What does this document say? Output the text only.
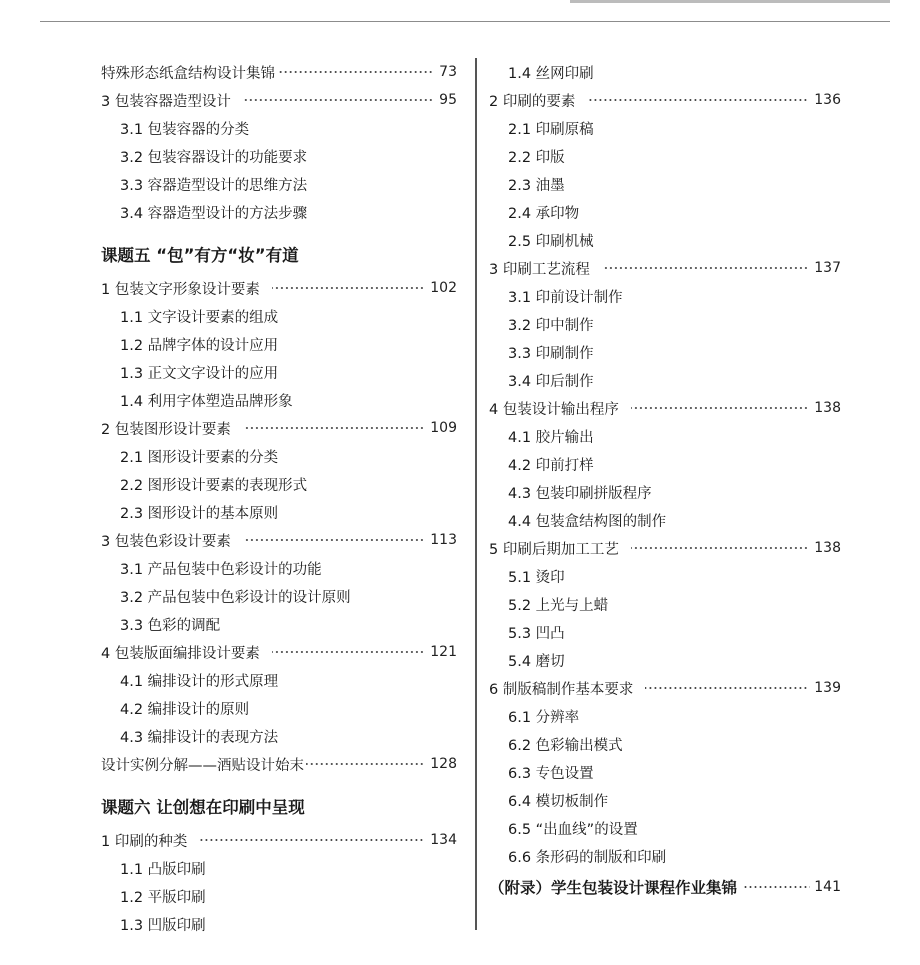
特殊形态纸盒结构设计集锦	73
3 包装容器造型设计	95
3.1 包装容器的分类
3.2 包装容器设计的功能要求
3.3 容器造型设计的思维方法
3.4 容器造型设计的方法步骤
课题五 “包”有方“妆”有道
1 包装文字形象设计要素	102
1.1 文字设计要素的组成
1.2 品牌字体的设计应用
1.3 正文文字设计的应用
1.4 利用字体塑造品牌形象
2 包装图形设计要素	109
2.1 图形设计要素的分类
2.2 图形设计要素的表现形式
2.3 图形设计的基本原则
3 包装色彩设计要素	113
3.1 产品包装中色彩设计的功能
3.2 产品包装中色彩设计的设计原则
3.3 色彩的调配
4 包装版面编排设计要素	121
4.1 编排设计的形式原理
4.2 编排设计的原则
4.3 编排设计的表现方法
设计实例分解——酒贴设计始末	128
课题六 让创想在印刷中呈现
1 印刷的种类	134
1.1 凸版印刷
1.2 平版印刷
1.3 凹版印刷
1.4 丝网印刷
2 印刷的要素	136
2.1 印刷原稿
2.2 印版
2.3 油墨
2.4 承印物
2.5 印刷机械
3 印刷工艺流程	137
3.1 印前设计制作
3.2 印中制作
3.3 印刷制作
3.4 印后制作
4 包装设计输出程序	138
4.1 胶片输出
4.2 印前打样
4.3 包装印刷拼版程序
4.4 包装盒结构图的制作
5 印刷后期加工工艺	138
5.1 烫印
5.2 上光与上蜡
5.3 凹凸
5.4 磨切
6 制版稿制作基本要求	139
6.1 分辨率
6.2 色彩输出模式
6.3 专色设置
6.4 模切板制作
6.5 “出血线”的设置
6.6 条形码的制版和印刷
（附录）学生包装设计课程作业集锦	141
